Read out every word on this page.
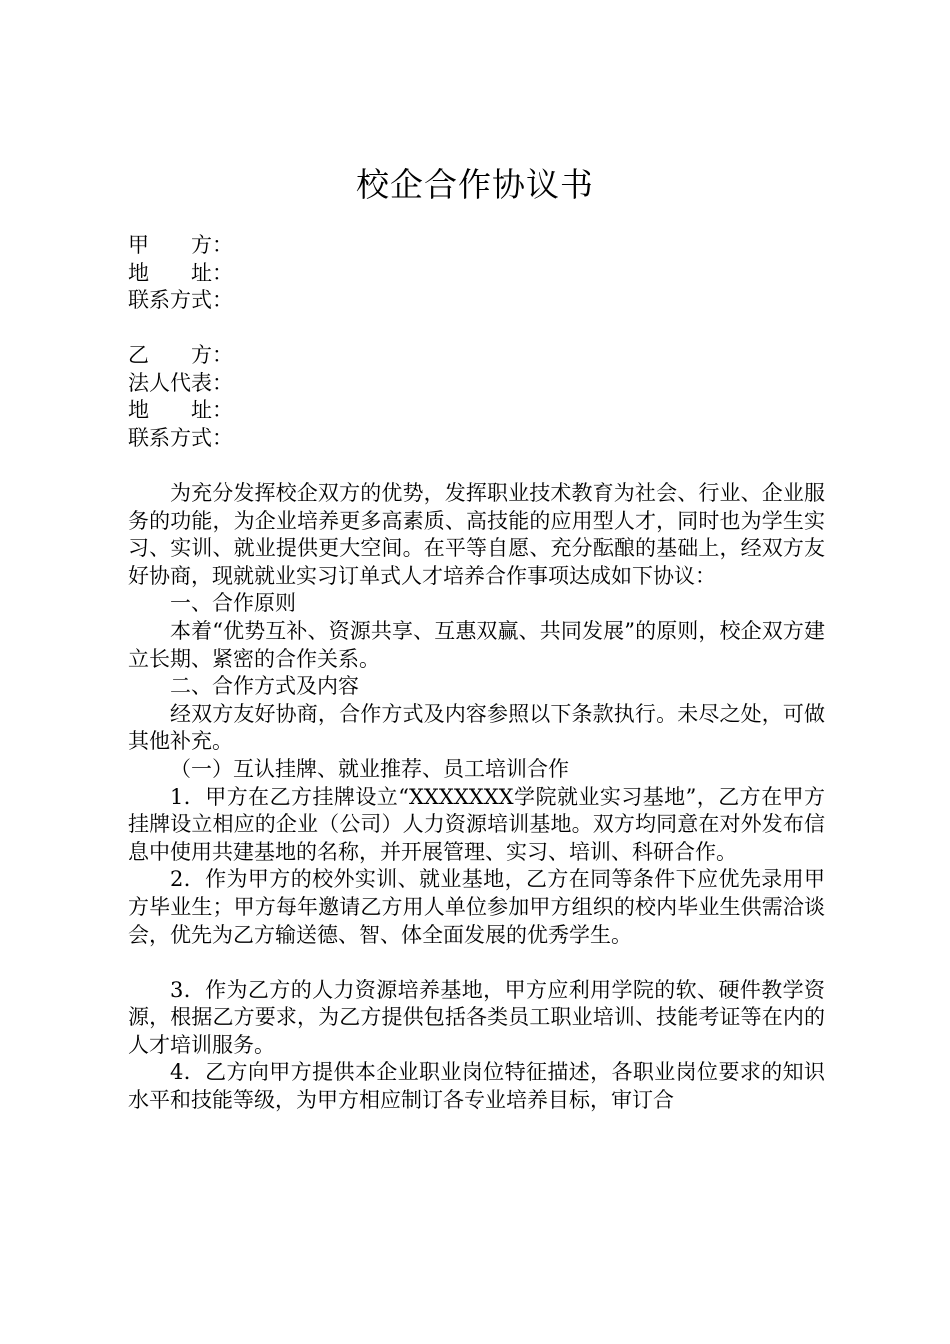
校企合作协议书
甲 方：
地 址：
联系方式：
乙 方：
法人代表：
地 址：
联系方式：

为充分发挥校企双方的优势，发挥职业技术教育为社会、行业、企业服务的功能，为企业培养更多高素质、高技能的应用型人才，同时也为学生实习、实训、就业提供更大空间。在平等自愿、充分酝酿的基础上，经双方友好协商，现就就业实习订单式人才培养合作事项达成如下协议：

一、合作原则

本着“优势互补、资源共享、互惠双赢、共同发展”的原则，校企双方建立长期、紧密的合作关系。

二、合作方式及内容

经双方友好协商，合作方式及内容参照以下条款执行。未尽之处，可做其他补充。

（一）互认挂牌、就业推荐、员工培训合作

1．甲方在乙方挂牌设立“XXXXXXX学院就业实习基地”，乙方在甲方挂牌设立相应的企业（公司）人力资源培训基地。双方均同意在对外发布信息中使用共建基地的名称，并开展管理、实习、培训、科研合作。

2．作为甲方的校外实训、就业基地，乙方在同等条件下应优先录用甲方毕业生；甲方每年邀请乙方用人单位参加甲方组织的校内毕业生供需洽谈会，优先为乙方输送德、智、体全面发展的优秀学生。

3．作为乙方的人力资源培养基地，甲方应利用学院的软、硬件教学资源，根据乙方要求，为乙方提供包括各类员工职业培训、技能考证等在内的人才培训服务。

4．乙方向甲方提供本企业职业岗位特征描述，各职业岗位要求的知识水平和技能等级，为甲方相应制订各专业培养目标，审订合
